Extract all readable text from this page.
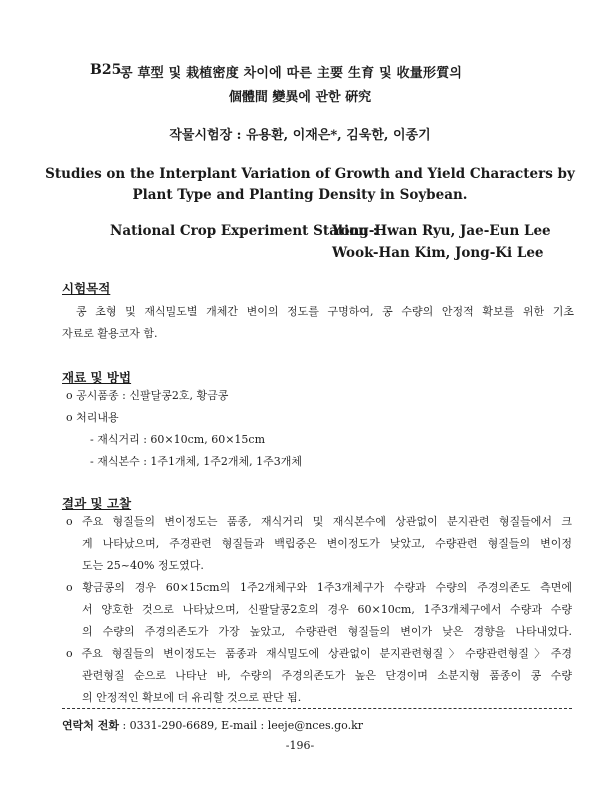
B25
콩 草型 및 栽植密度 차이에 따른 主要 生育 및 收量形質의
個體間 變異에 관한 硏究
작물시험장 : 유용환, 이재은*, 김욱한, 이종기
Studies on the Interplant Variation of Growth and Yield Characters by
Plant Type and Planting Density in Soybean.
National Crop Experiment Station :
Yong-Hwan Ryu, Jae-Eun Lee
Wook-Han Kim, Jong-Ki Lee
시험목적
콩 초형 및 재식밀도별 개체간 변이의 정도를 구명하여, 콩 수량의 안정적 확보를 위한 기초
자료로 활용코자 함.
재료 및 방법
o 공시품종 : 신팔달콩2호, 황금콩
o 처리내용
- 재식거리 : 60×10cm, 60×15cm
- 재식본수 : 1주1개체, 1주2개체, 1주3개체
결과 및 고찰
o 주요 형질들의 변이정도는 품종, 재식거리 및 재식본수에 상관없이 분지관련 형질들에서 크
게 나타났으며, 주경관련 형질들과 백립중은 변이정도가 낮았고, 수량관련 형질들의 변이정
도는 25~40% 정도였다.
o 황금콩의 경우 60×15cm의 1주2개체구와 1주3개체구가 수량과 수량의 주경의존도 측면에
서 양호한 것으로 나타났으며, 신팔달콩2호의 경우 60×10cm, 1주3개체구에서 수량과 수량
의 수량의 주경의존도가 가장 높았고, 수량관련 형질들의 변이가 낮은 경향을 나타내었다.
o 주요 형질들의 변이정도는 품종과 재식밀도에 상관없이 분지관련형질〉수량관련형질〉주경
관련형질 순으로 나타난 바, 수량의 주경의존도가 높은 단경이며 소분지형 품종이 콩 수량
의 안정적인 확보에 더 유리할 것으로 판단 됨.
연락처 전화 : 0331-290-6689, E-mail : leeje@nces.go.kr
-196-
